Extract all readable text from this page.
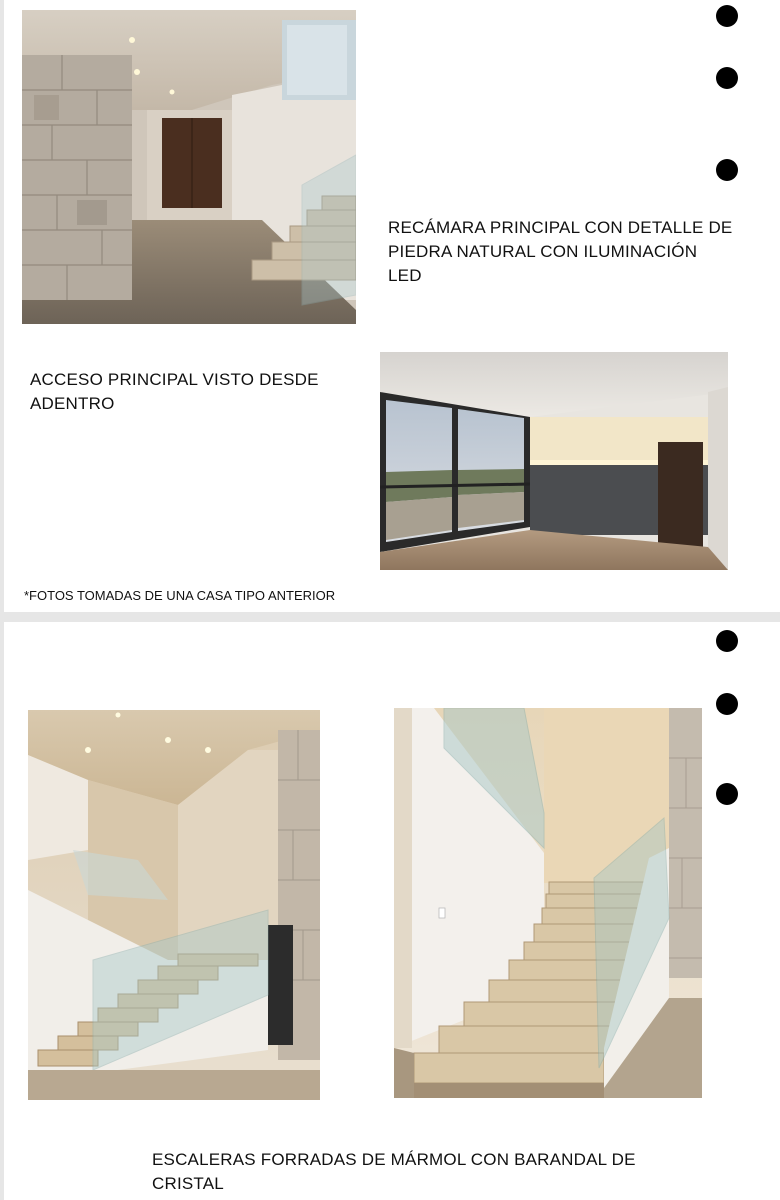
RECÁMARA PRINCIPAL CON DETALLE DE PIEDRA NATURAL CON ILUMINACIÓN LED
ACCESO PRINCIPAL VISTO DESDE ADENTRO
*FOTOS TOMADAS DE UNA CASA TIPO ANTERIOR
ESCALERAS FORRADAS DE MÁRMOL CON BARANDAL DE CRISTAL
